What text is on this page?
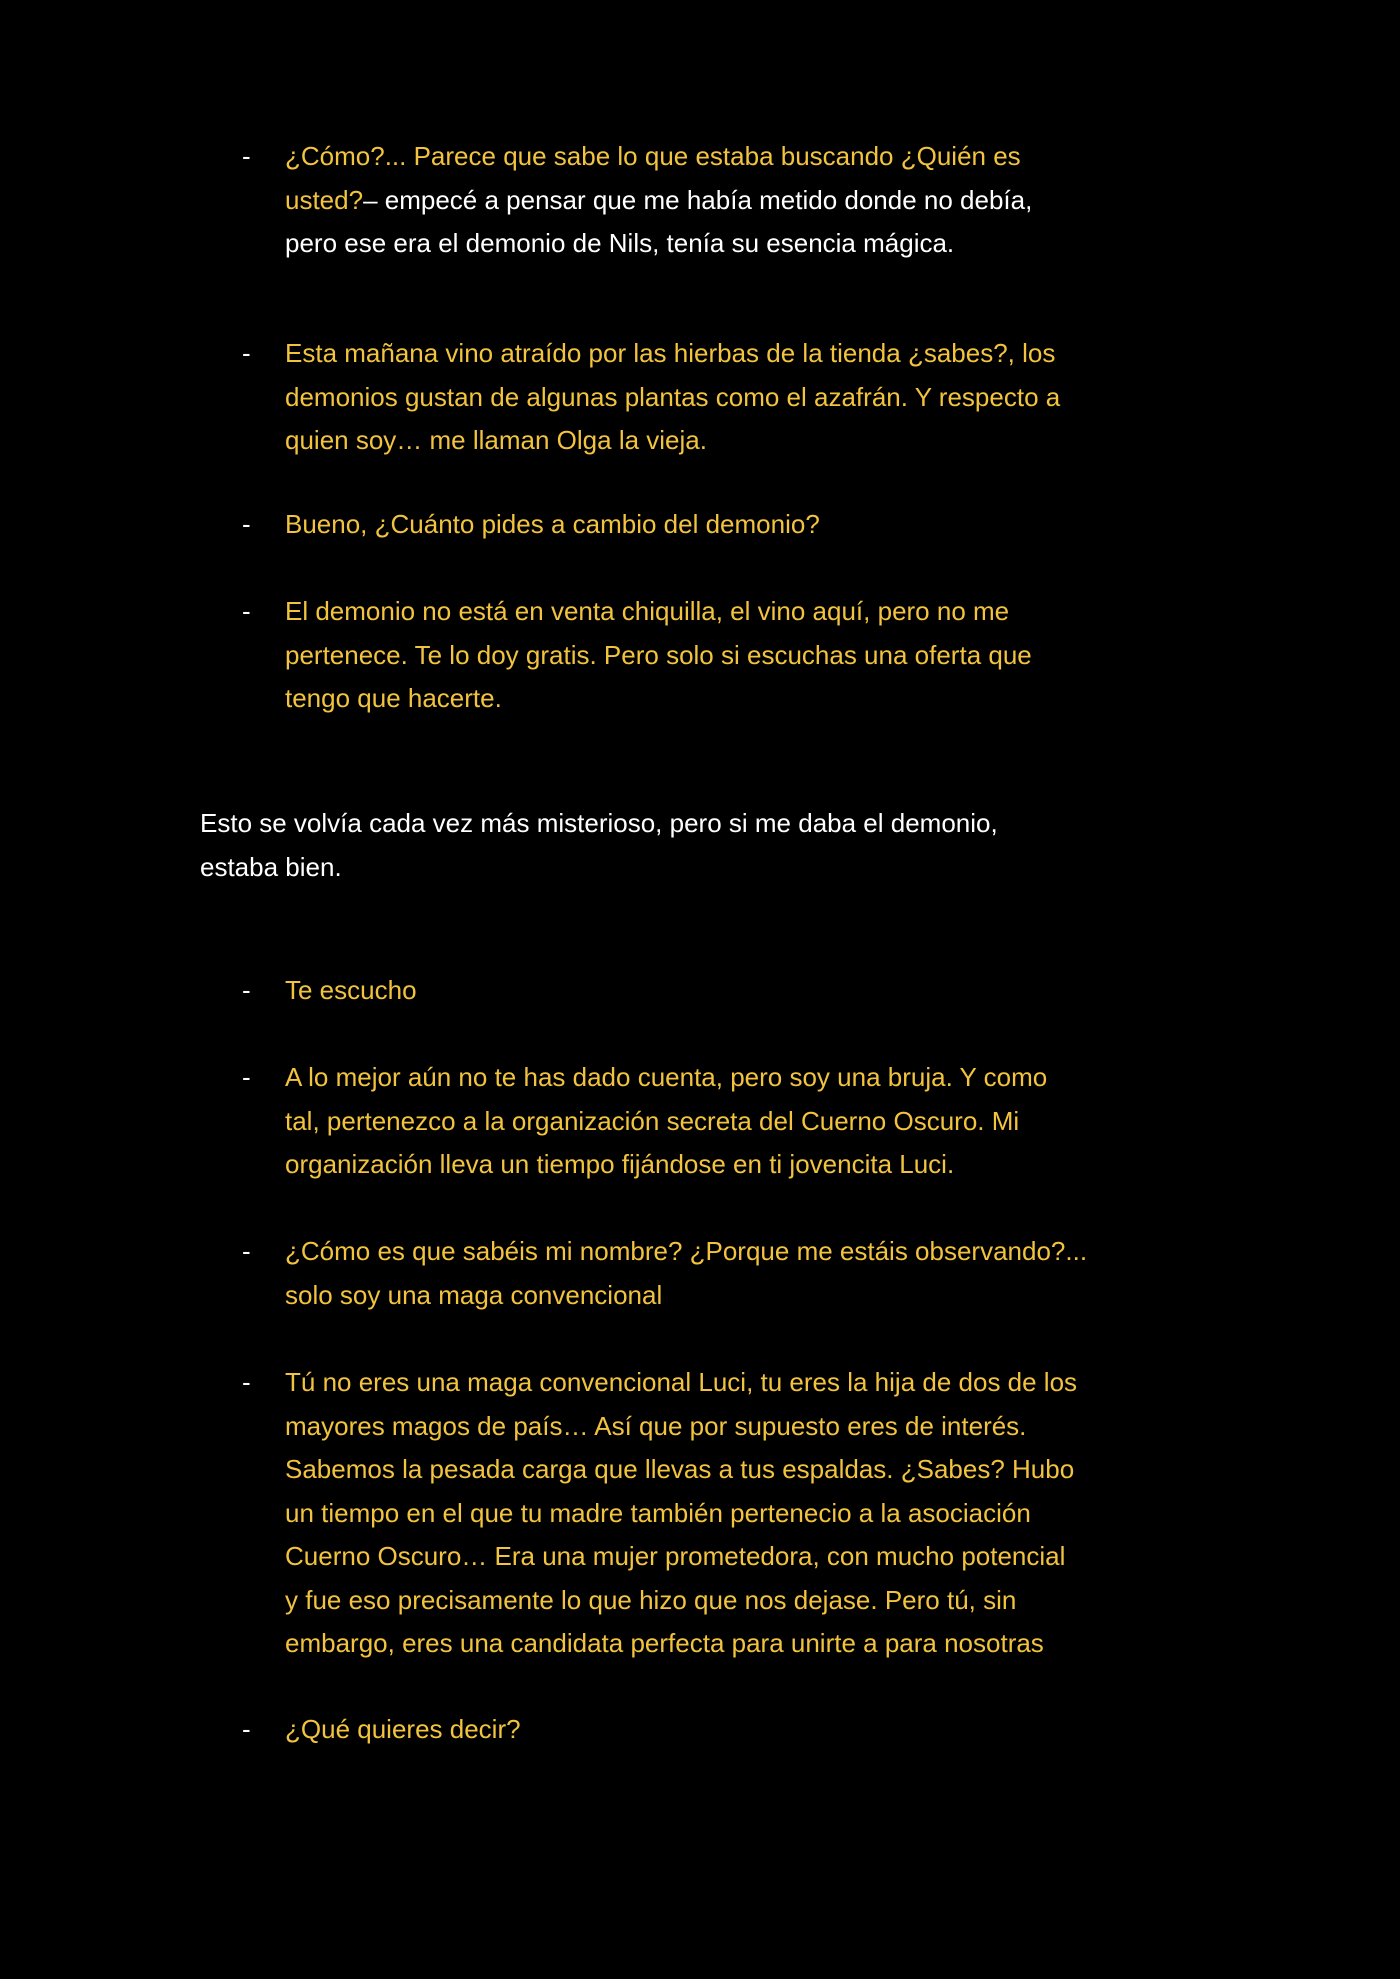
- ¿Cómo?... Parece que sabe lo que estaba buscando ¿Quién es
usted?– empecé a pensar que me había metido donde no debía,
pero ese era el demonio de Nils, tenía su esencia mágica.
- Esta mañana vino atraído por las hierbas de la tienda ¿sabes?, los
demonios gustan de algunas plantas como el azafrán. Y respecto a
quien soy… me llaman Olga la vieja.
- Bueno, ¿Cuánto pides a cambio del demonio?
- El demonio no está en venta chiquilla, el vino aquí, pero no me
pertenece. Te lo doy gratis. Pero solo si escuchas una oferta que
tengo que hacerte.
Esto se volvía cada vez más misterioso, pero si me daba el demonio,
estaba bien.
- Te escucho
- A lo mejor aún no te has dado cuenta, pero soy una bruja. Y como
tal, pertenezco a la organización secreta del Cuerno Oscuro. Mi
organización lleva un tiempo fijándose en ti jovencita Luci.
- ¿Cómo es que sabéis mi nombre? ¿Porque me estáis observando?...
solo soy una maga convencional
- Tú no eres una maga convencional Luci, tu eres la hija de dos de los
mayores magos de país… Así que por supuesto eres de interés.
Sabemos la pesada carga que llevas a tus espaldas. ¿Sabes? Hubo
un tiempo en el que tu madre también pertenecio a la asociación
Cuerno Oscuro… Era una mujer prometedora, con mucho potencial
y fue eso precisamente lo que hizo que nos dejase. Pero tú, sin
embargo, eres una candidata perfecta para unirte a para nosotras
- ¿Qué quieres decir?
